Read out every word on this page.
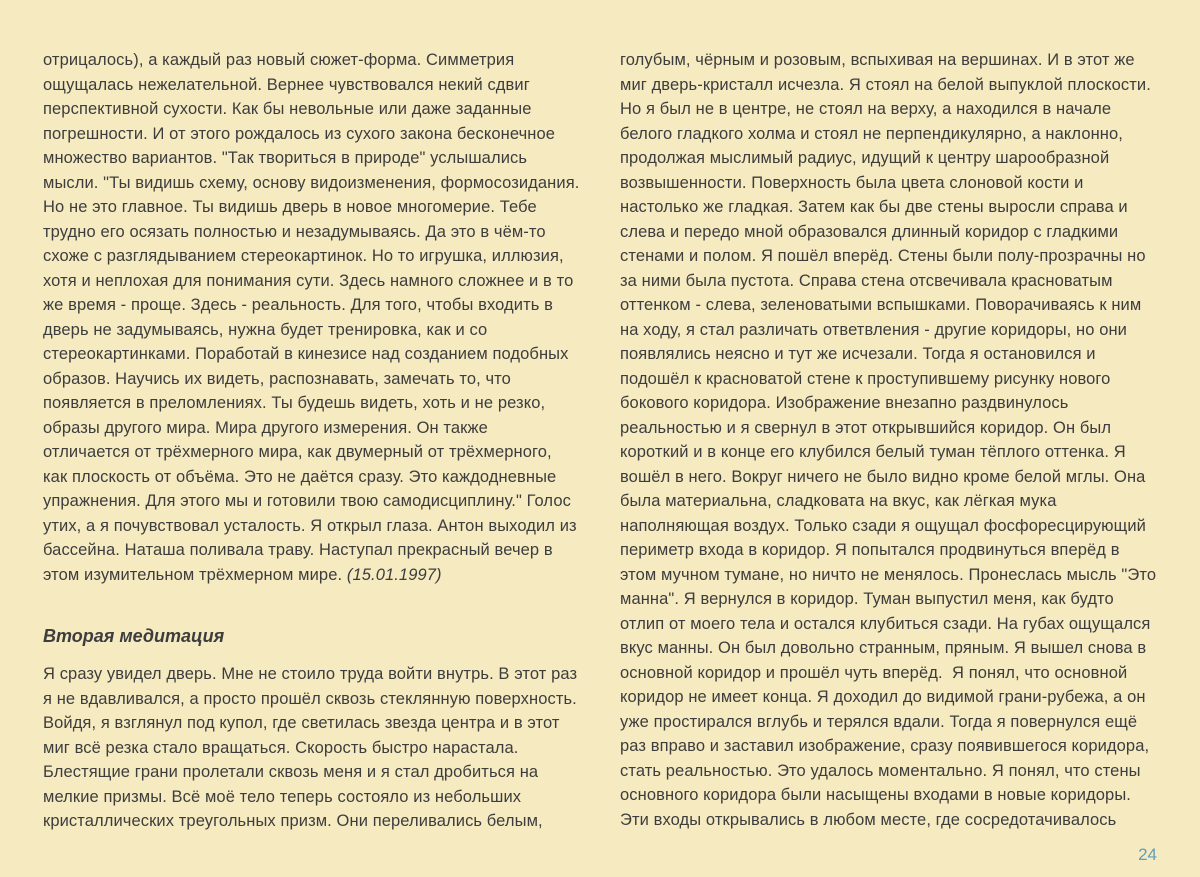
отрицалось), а каждый раз новый сюжет-форма. Симметрия
ощущалась нежелательной. Вернее чувствовался некий сдвиг
перспективной сухости. Как бы невольные или даже заданные
погрешности. И от этого рождалось из сухого закона бесконечное
множество вариантов. "Так твориться в природе" услышались
мысли. "Ты видишь схему, основу видоизменения, формосозидания.
Но не это главное. Ты видишь дверь в новое многомерие. Тебе
трудно его осязать полностью и незадумываясь. Да это в чём-то
схоже с разглядыванием стереокартинок. Но то игрушка, иллюзия,
хотя и неплохая для понимания сути. Здесь намного сложнее и в то
же время - проще. Здесь - реальность. Для того, чтобы входить в
дверь не задумываясь, нужна будет тренировка, как и со
стереокартинками. Поработай в кинезисе над созданием подобных
образов. Научись их видеть, распознавать, замечать то, что
появляется в преломлениях. Ты будешь видеть, хоть и не резко,
образы другого мира. Мира другого измерения. Он также
отличается от трёхмерного мира, как двумерный от трёхмерного,
как плоскость от объёма. Это не даётся сразу. Это каждодневные
упражнения. Для этого мы и готовили твою самодисциплину." Голос
утих, а я почувствовал усталость. Я открыл глаза. Антон выходил из
бассейна. Наташа поливала траву. Наступал прекрасный вечер в
этом изумительном трёхмерном мире. (15.01.1997)
Вторая медитация
Я сразу увидел дверь. Мне не стоило труда войти внутрь. В этот раз
я не вдавливался, а просто прошёл сквозь стеклянную поверхность.
Войдя, я взглянул под купол, где светилась звезда центра и в этот
миг всё резка стало вращаться. Скорость быстро нарастала.
Блестящие грани пролетали сквозь меня и я стал дробиться на
мелкие призмы. Всё моё тело теперь состояло из небольших
кристаллических треугольных призм. Они переливались белым,
голубым, чёрным и розовым, вспыхивая на вершинах. И в этот же
миг дверь-кристалл исчезла. Я стоял на белой выпуклой плоскости.
Но я был не в центре, не стоял на верху, а находился в начале
белого гладкого холма и стоял не перпендикулярно, а наклонно,
продолжая мыслимый радиус, идущий к центру шарообразной
возвышенности. Поверхность была цвета слоновой кости и
настолько же гладкая. Затем как бы две стены выросли справа и
слева и передо мной образовался длинный коридор с гладкими
стенами и полом. Я пошёл вперёд. Стены были полу-прозрачны но
за ними была пустота. Справа стена отсвечивала красноватым
оттенком - слева, зеленоватыми вспышками. Поворачиваясь к ним
на ходу, я стал различать ответвления - другие коридоры, но они
появлялись неясно и тут же исчезали. Тогда я остановился и
подошёл к красноватой стене к проступившему рисунку нового
бокового коридора. Изображение внезапно раздвинулось
реальностью и я свернул в этот открывшийся коридор. Он был
короткий и в конце его клубился белый туман тёплого оттенка. Я
вошёл в него. Вокруг ничего не было видно кроме белой мглы. Она
была материальна, сладковата на вкус, как лёгкая мука
наполняющая воздух. Только сзади я ощущал фосфоресцирующий
периметр входа в коридор. Я попытался продвинуться вперёд в
этом мучном тумане, но ничто не менялось. Пронеслась мысль "Это
манна". Я вернулся в коридор. Туман выпустил меня, как будто
отлип от моего тела и остался клубиться сзади. На губах ощущался
вкус манны. Он был довольно странным, пряным. Я вышел снова в
основной коридор и прошёл чуть вперёд.  Я понял, что основной
коридор не имеет конца. Я доходил до видимой грани-рубежа, а он
уже простирался вглубь и терялся вдали. Тогда я повернулся ещё
раз вправо и заставил изображение, сразу появившегося коридора,
стать реальностью. Это удалось моментально. Я понял, что стены
основного коридора были насыщены входами в новые коридоры.
Эти входы открывались в любом месте, где сосредотачивалось
24
